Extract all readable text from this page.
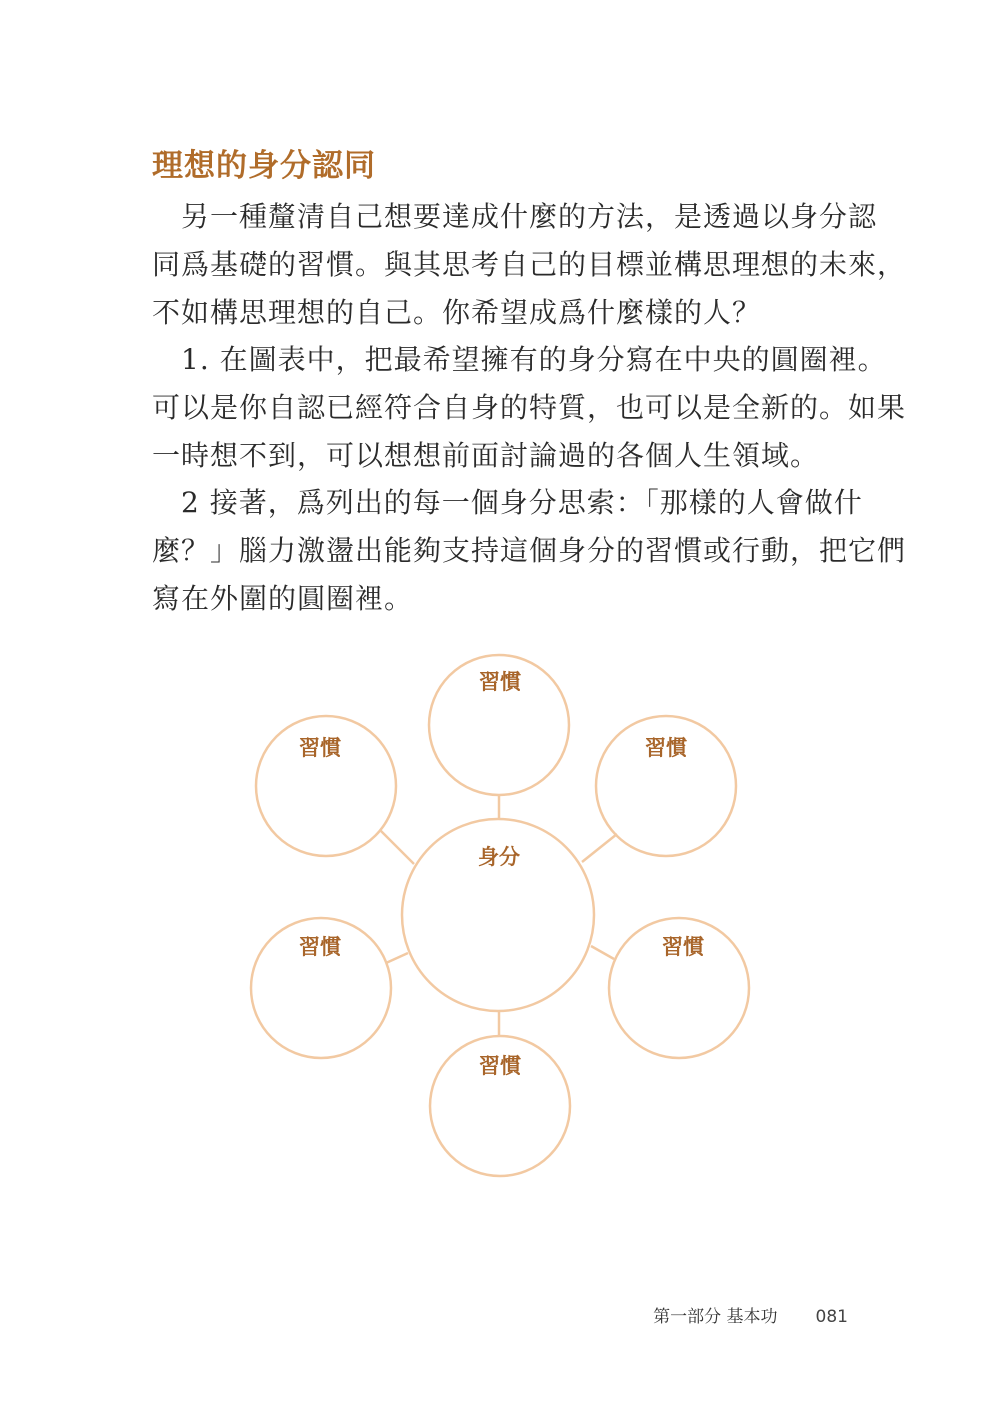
理想的身分認同
　另一種釐清自己想要達成什麼的方法，是透過以身分認
同爲基礎的習慣。與其思考自己的目標並構思理想的未來，
不如構思理想的自己。你希望成爲什麼樣的人？
　1. 在圖表中，把最希望擁有的身分寫在中央的圓圈裡。
可以是你自認已經符合自身的特質，也可以是全新的。如果
一時想不到，可以想想前面討論過的各個人生領域。
　2 接著，爲列出的每一個身分思索：「那樣的人會做什
麼？」腦力激盪出能夠支持這個身分的習慣或行動，把它們
寫在外圍的圓圈裡。
身分
習慣
習慣	習慣
習慣	習慣
習慣
第一部分 基本功 081
